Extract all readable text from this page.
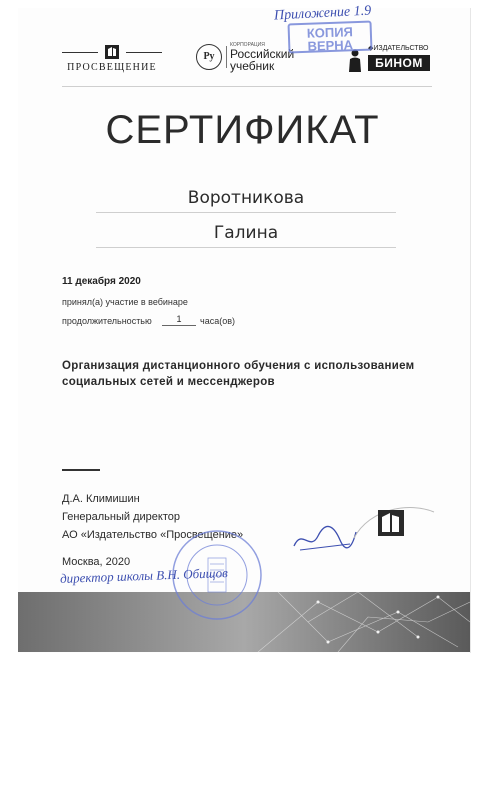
ПРОСВЕЩЕНИЕ
Ру
КОРПОРАЦИЯ
Российский
учебник
◆ИЗДАТЕЛЬСТВО
БИНОМ
Приложение 1.9
КОПИЯ
ВЕРНА
СЕРТИФИКАТ
Воротникова
Галина
11 декабря 2020
принял(а) участие в вебинаре
продолжительностью	1	часа(ов)
Организация дистанционного обучения с использованием социальных сетей и мессенджеров
Д.А. Климишин
Генеральный директор
АО «Издательство «Просвещение»
Москва, 2020
директор школы В.Н. Обищов
